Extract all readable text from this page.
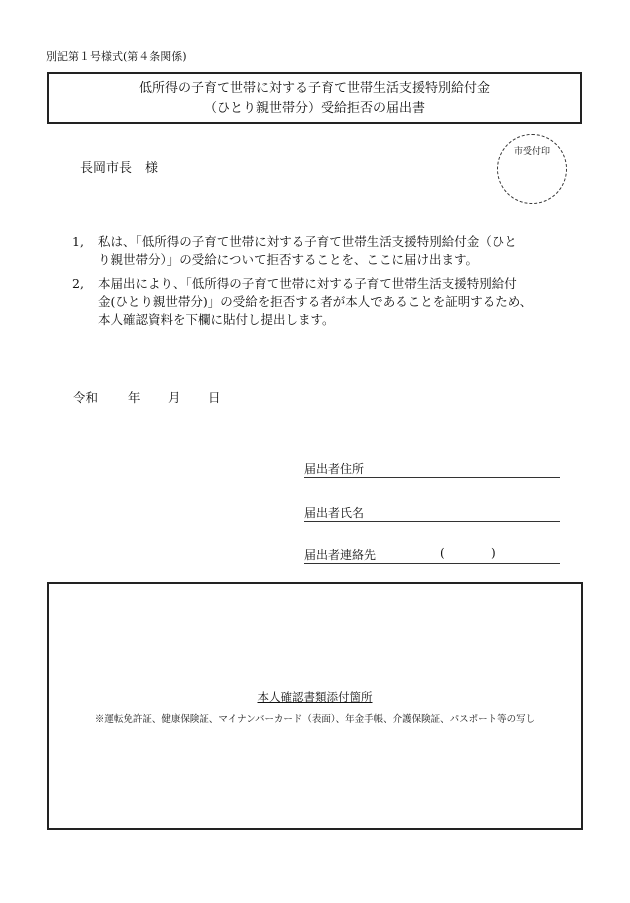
別記第１号様式(第４条関係)
低所得の子育て世帯に対する子育て世帯生活支援特別給付金
（ひとり親世帯分）受給拒否の届出書
長岡市長　様
市受付印
1, 私は、「低所得の子育て世帯に対する子育て世帯生活支援特別給付金（ひと
り親世帯分）」の受給について拒否することを、ここに届け出ます。
2, 本届出により、「低所得の子育て世帯に対する子育て世帯生活支援特別給付
金(ひとり親世帯分)」の受給を拒否する者が本人であることを証明するため、
本人確認資料を下欄に貼付し提出します。
令和 年 月 日
届出者住所
届出者氏名
届出者連絡先	(	)
本人確認書類添付箇所
※運転免許証、健康保険証、マイナンバーカード（表面）、年金手帳、介護保険証、パスポート等の写し
